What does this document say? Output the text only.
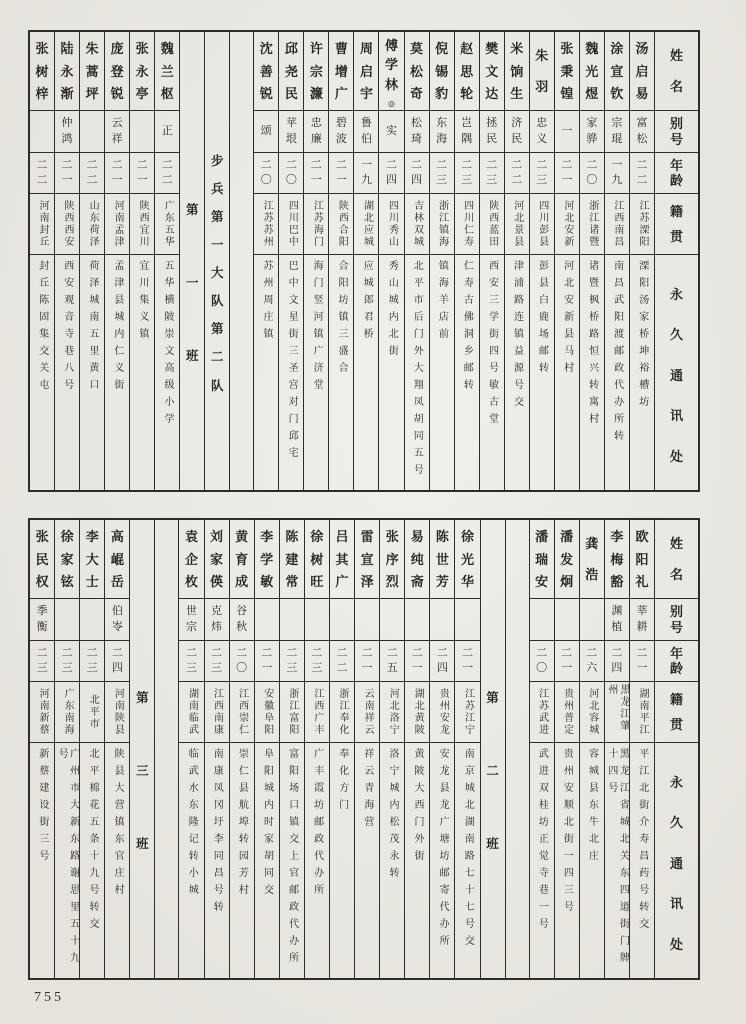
姓
名
别
号
年
龄
籍
贯
永
久
通
讯
处
汤
启
易
富
松
二
二
江苏溧阳
溧阳汤家桥坤裕槽坊
涂
宣
钦
宗
琨
一
九
江西南昌
南昌武阳渡邮政代办所转
魏
光
煜
家
骅
二
〇
浙江诸暨
诸暨枫桥路恒兴转寓村
张
秉
锽
一
二
一
河北安新
河北安新县马村
朱
羽
忠
义
二
三
四川彭县
彭县白鹿场邮转
米
饷
生
济
民
二
二
河北景县
津浦路连镇益源号交
樊
文
达
拯
民
二
三
陕西蓝田
西安三学街四号敏古堂
赵
思
轮
岂
隅
二
三
四川仁寿
仁寿古佛洞乡邮转
倪
锡
豹
东
海
二
三
浙江镇海
镇海羊店前
莫
松
奇
松
琦
二
四
吉林双城
北平市后门外大翔凤胡同五号
傅
学
林
◎
实
二
四
四川秀山
秀山城内北街
周
启
宇
鲁
伯
一
九
湖北应城
应城郎君桥
曹
增
广
碧
波
二
一
陕西合阳
合阳坊镇三盛合
许
宗
濂
忠
廉
二
一
江苏海门
海门竖河镇广济堂
邱
尧
民
苹
垠
二
〇
四川巴中
巴中文星街三圣宫对门邱宅
沈
善
锐
颂
二
〇
江苏苏州
苏州周庄镇
步
兵
第
一
大
队
第
二
队
第
一
班
魏
兰
枢
正
二
二
广东五华
五华横陂崇文高级小学
张
永
亭
二
一
陕西宜川
宜川集义镇
庞
登
锐
云
祥
二
一
河南孟津
孟津县城内仁义街
朱
蒿
坪
二
二
山东荷泽
荷泽城南五里黄口
陆
永
渐
仲
鸿
二
一
陕西西安
西安观音寺巷八号
张
树
梓
二
二
河南封丘
封丘陈固集交关屯
姓
名
别
号
年
龄
籍
贯
永
久
通
讯
处
欧
阳
礼
莘
耕
二
一
湖南平江
平江北街介寿昌药号转交
李
梅
豁
渊
植
二
四
黑龙江肇州
黑龙江省城北关东四道街门牌十四号
龚
浩
二
六
河北容城
容城县东牛北庄
潘
发
炯
二
一
贵州普定
贵州安顺北街一四三号
潘
瑞
安
二
〇
江苏武进
武进双桂坊正觉寺巷一号
第
二
班
徐
光
华
二
一
江苏江宁
南京城北湖南路七十七号交
陈
世
芳
二
四
贵州安龙
安龙县龙广塘坊邮寄代办所
易
纯
斋
二
一
湖北黄陂
黄陂大西门外街
张
序
烈
二
五
河北洛宁
洛宁城内松茂永转
雷
宣
泽
二
一
云南祥云
祥云青海营
吕
其
广
二
二
浙江奉化
奉化方门
徐
树
旺
二
三
江西广丰
广丰霞坊邮政代办所
陈
建
常
二
三
浙江富阳
富阳场口镇交上官邮政代办所
李
学
敏
二
一
安徽阜阳
阜阳城内时家胡同交
黄
育
成
谷
秋
二
〇
江西崇仁
崇仁县航埠转园芳村
刘
家
偀
克
炜
二
三
江西南康
南康凤冈圩李同昌号转
袁
企
枚
世
宗
二
三
湖南临武
临武水东隆记转小城
第
三
班
高
崐
岳
伯
岺
二
四
河南陕县
陕县大营镇东官庄村
李
大
士
二
三
北平市
北平棉花五条十九号转交
徐
家
铉
二
三
广东南海
广州市大新东路谢思里五十九号
张
民
权
季
衡
二
三
河南新蔡
新蔡建设街三号
755
